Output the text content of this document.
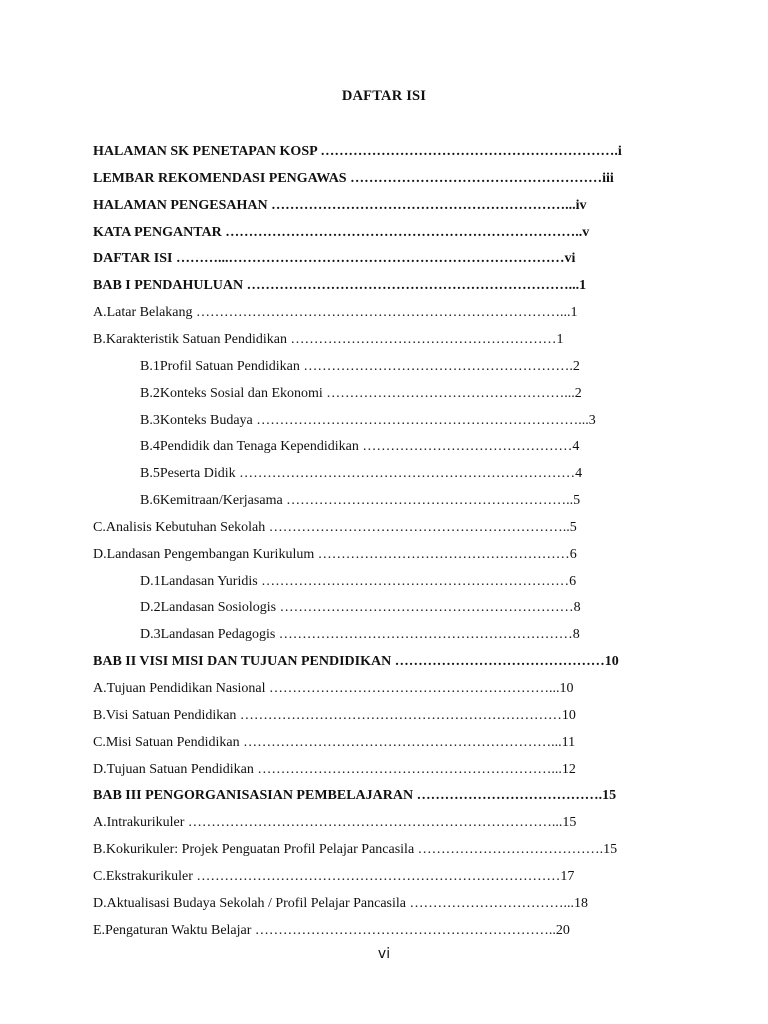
DAFTAR ISI
HALAMAN SK PENETAPAN KOSP ……………………………………………………….i
LEMBAR REKOMENDASI PENGAWAS ………………………………………………iii
HALAMAN PENGESAHAN ………………………………………………………...iv
KATA PENGANTAR …………………………………………………………………..v
DAFTAR ISI ………...………………………………………………………………vi
BAB I PENDAHULUAN ……………………………………………………………...1
A.Latar Belakang ……………………………………………………………………...1
B.Karakteristik Satuan Pendidikan …………………………………………………1
B.1Profil Satuan Pendidikan ………………………………………………….2
B.2Konteks Sosial dan Ekonomi ……………………………………………...2
B.3Konteks Budaya ……………………………………………………………...3
B.4Pendidik dan Tenaga Kependidikan ………………………………………4
B.5Peserta Didik ………………………………………………………………4
B.6Kemitraan/Kerjasama ……………………………………………………..5
C.Analisis Kebutuhan Sekolah ………………………………………………………..5
D.Landasan Pengembangan Kurikulum ………………………………………………6
D.1Landasan Yuridis …………………………………………………………6
D.2Landasan Sosiologis ………………………………………………………8
D.3Landasan Pedagogis ………………………………………………………8
BAB II VISI MISI DAN TUJUAN PENDIDIKAN ………………………………………10
A.Tujuan Pendidikan Nasional ……………………………………………………...10
B.Visi Satuan Pendidikan ……………………………………………………………10
C.Misi Satuan Pendidikan …………………………………………………………...11
D.Tujuan Satuan Pendidikan ………………………………………………………...12
BAB III PENGORGANISASIAN PEMBELAJARAN ………………………………….15
A.Intrakurikuler ……………………………………………………………………...15
B.Kokurikuler: Projek Penguatan Profil Pelajar Pancasila ………………………………….15
C.Ekstrakurikuler ……………………………………………………………………17
D.Aktualisasi Budaya Sekolah / Profil Pelajar Pancasila ……………………………...18
E.Pengaturan Waktu Belajar ………………………………………………………..20
vi
